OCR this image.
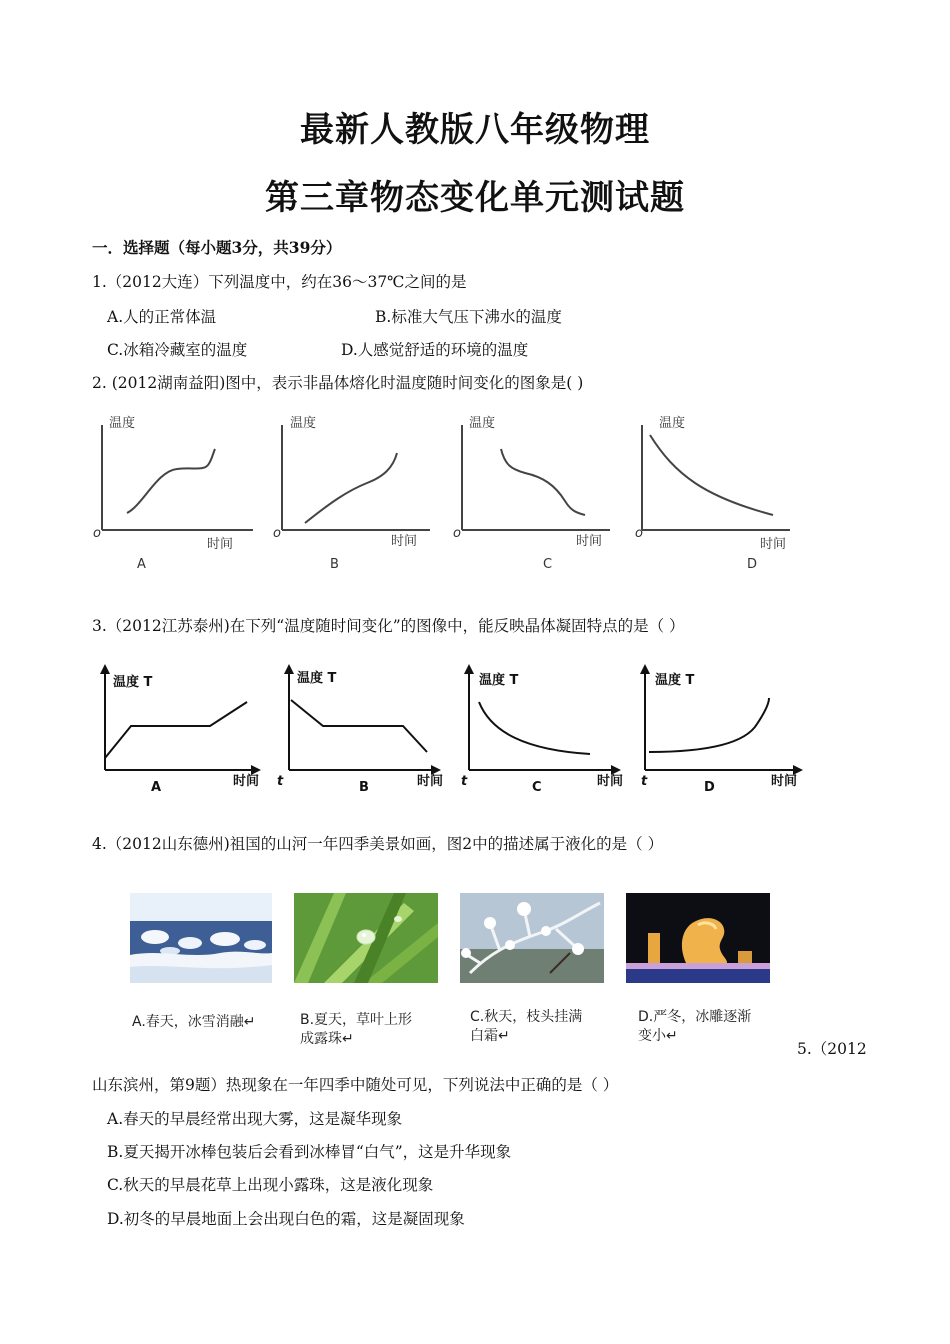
最新人教版八年级物理
第三章物态变化单元测试题
一．选择题（每小题3分，共39分）
1.（2012大连）下列温度中，约在36～37℃之间的是
A.人的正常体温	B.标准大气压下沸水的温度
C.冰箱冷藏室的温度	D.人感觉舒适的环境的温度
2. (2012湖南益阳)图中，表示非晶体熔化时温度随时间变化的图象是( )
温度	温度	温度	温度
时间	时间	时间	时间
o	o	o	o
A	B	C	D
3.（2012江苏泰州)在下列“温度随时间变化”的图像中，能反映晶体凝固特点的是（ ）
温度 T	温度 T	温度 T	温度 T
时间	时间	时间	时间
t	t	t
A	B	C	D
4.（2012山东德州)祖国的山河一年四季美景如画，图2中的描述属于液化的是（ ）
A.春天，冰雪消融↵	B.夏天，草叶上形
成露珠↵
C.秋天，枝头挂满
白霜↵
D.严冬，冰雕逐渐
变小↵
5.（2012
山东滨州，第9题）热现象在一年四季中随处可见，下列说法中正确的是（ ）
A.春天的早晨经常出现大雾，这是凝华现象
B.夏天揭开冰棒包装后会看到冰棒冒“白气”，这是升华现象
C.秋天的早晨花草上出现小露珠，这是液化现象
D.初冬的早晨地面上会出现白色的霜，这是凝固现象
